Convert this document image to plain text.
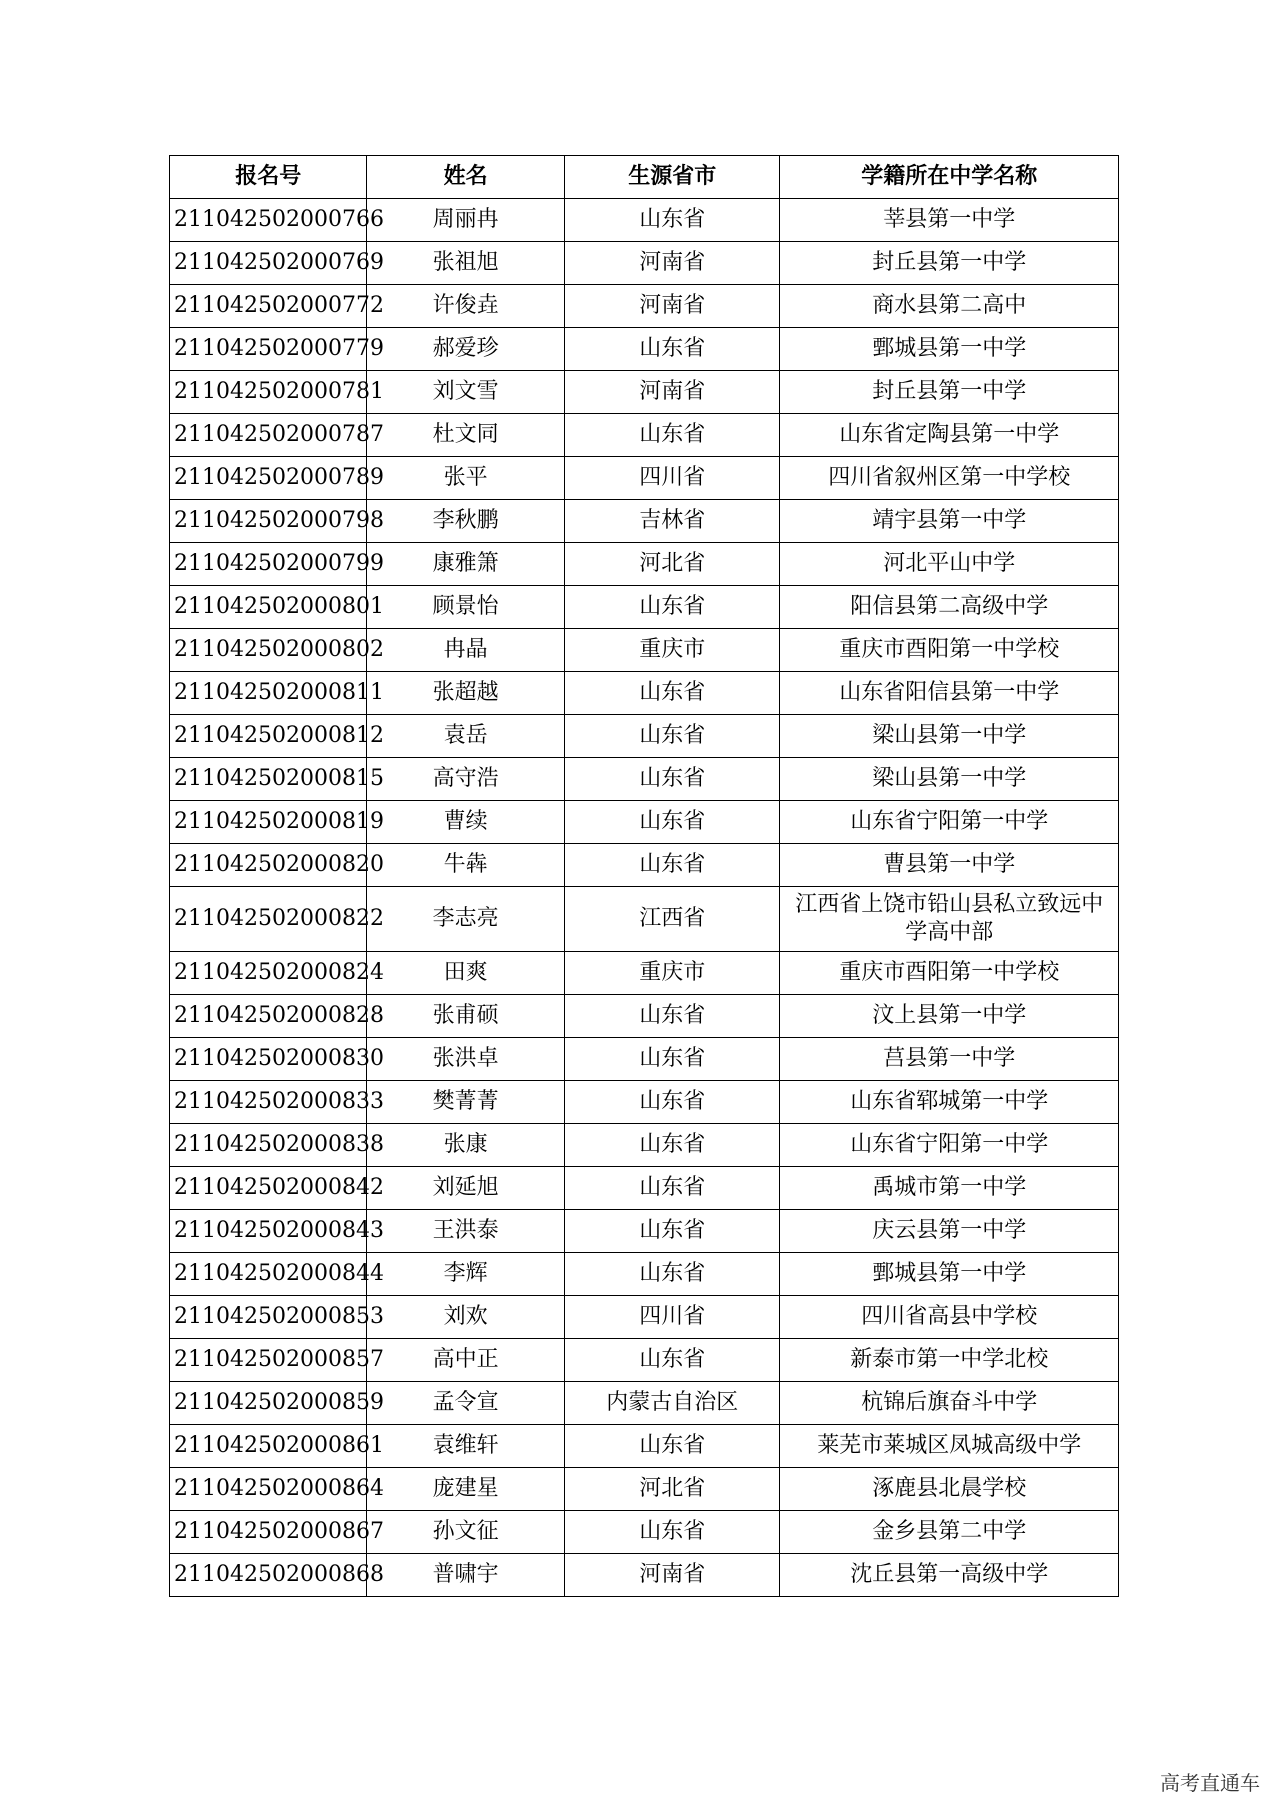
报名号	姓名	生源省市	学籍所在中学名称
211042502000766	周丽冉	山东省	莘县第一中学
211042502000769	张祖旭	河南省	封丘县第一中学
211042502000772	许俊垚	河南省	商水县第二高中
211042502000779	郝爱珍	山东省	鄄城县第一中学
211042502000781	刘文雪	河南省	封丘县第一中学
211042502000787	杜文同	山东省	山东省定陶县第一中学
211042502000789	张平	四川省	四川省叙州区第一中学校
211042502000798	李秋鹏	吉林省	靖宇县第一中学
211042502000799	康雅箫	河北省	河北平山中学
211042502000801	顾景怡	山东省	阳信县第二高级中学
211042502000802	冉晶	重庆市	重庆市酉阳第一中学校
211042502000811	张超越	山东省	山东省阳信县第一中学
211042502000812	袁岳	山东省	梁山县第一中学
211042502000815	高守浩	山东省	梁山县第一中学
211042502000819	曹续	山东省	山东省宁阳第一中学
211042502000820	牛犇	山东省	曹县第一中学
211042502000822	李志亮	江西省	江西省上饶市铅山县私立致远中学高中部
211042502000824	田爽	重庆市	重庆市酉阳第一中学校
211042502000828	张甫硕	山东省	汶上县第一中学
211042502000830	张洪卓	山东省	莒县第一中学
211042502000833	樊菁菁	山东省	山东省郓城第一中学
211042502000838	张康	山东省	山东省宁阳第一中学
211042502000842	刘延旭	山东省	禹城市第一中学
211042502000843	王洪泰	山东省	庆云县第一中学
211042502000844	李辉	山东省	鄄城县第一中学
211042502000853	刘欢	四川省	四川省高县中学校
211042502000857	高中正	山东省	新泰市第一中学北校
211042502000859	孟令宣	内蒙古自治区	杭锦后旗奋斗中学
211042502000861	袁维轩	山东省	莱芜市莱城区凤城高级中学
211042502000864	庞建星	河北省	涿鹿县北晨学校
211042502000867	孙文征	山东省	金乡县第二中学
211042502000868	普啸宇	河南省	沈丘县第一高级中学
高考直通车
